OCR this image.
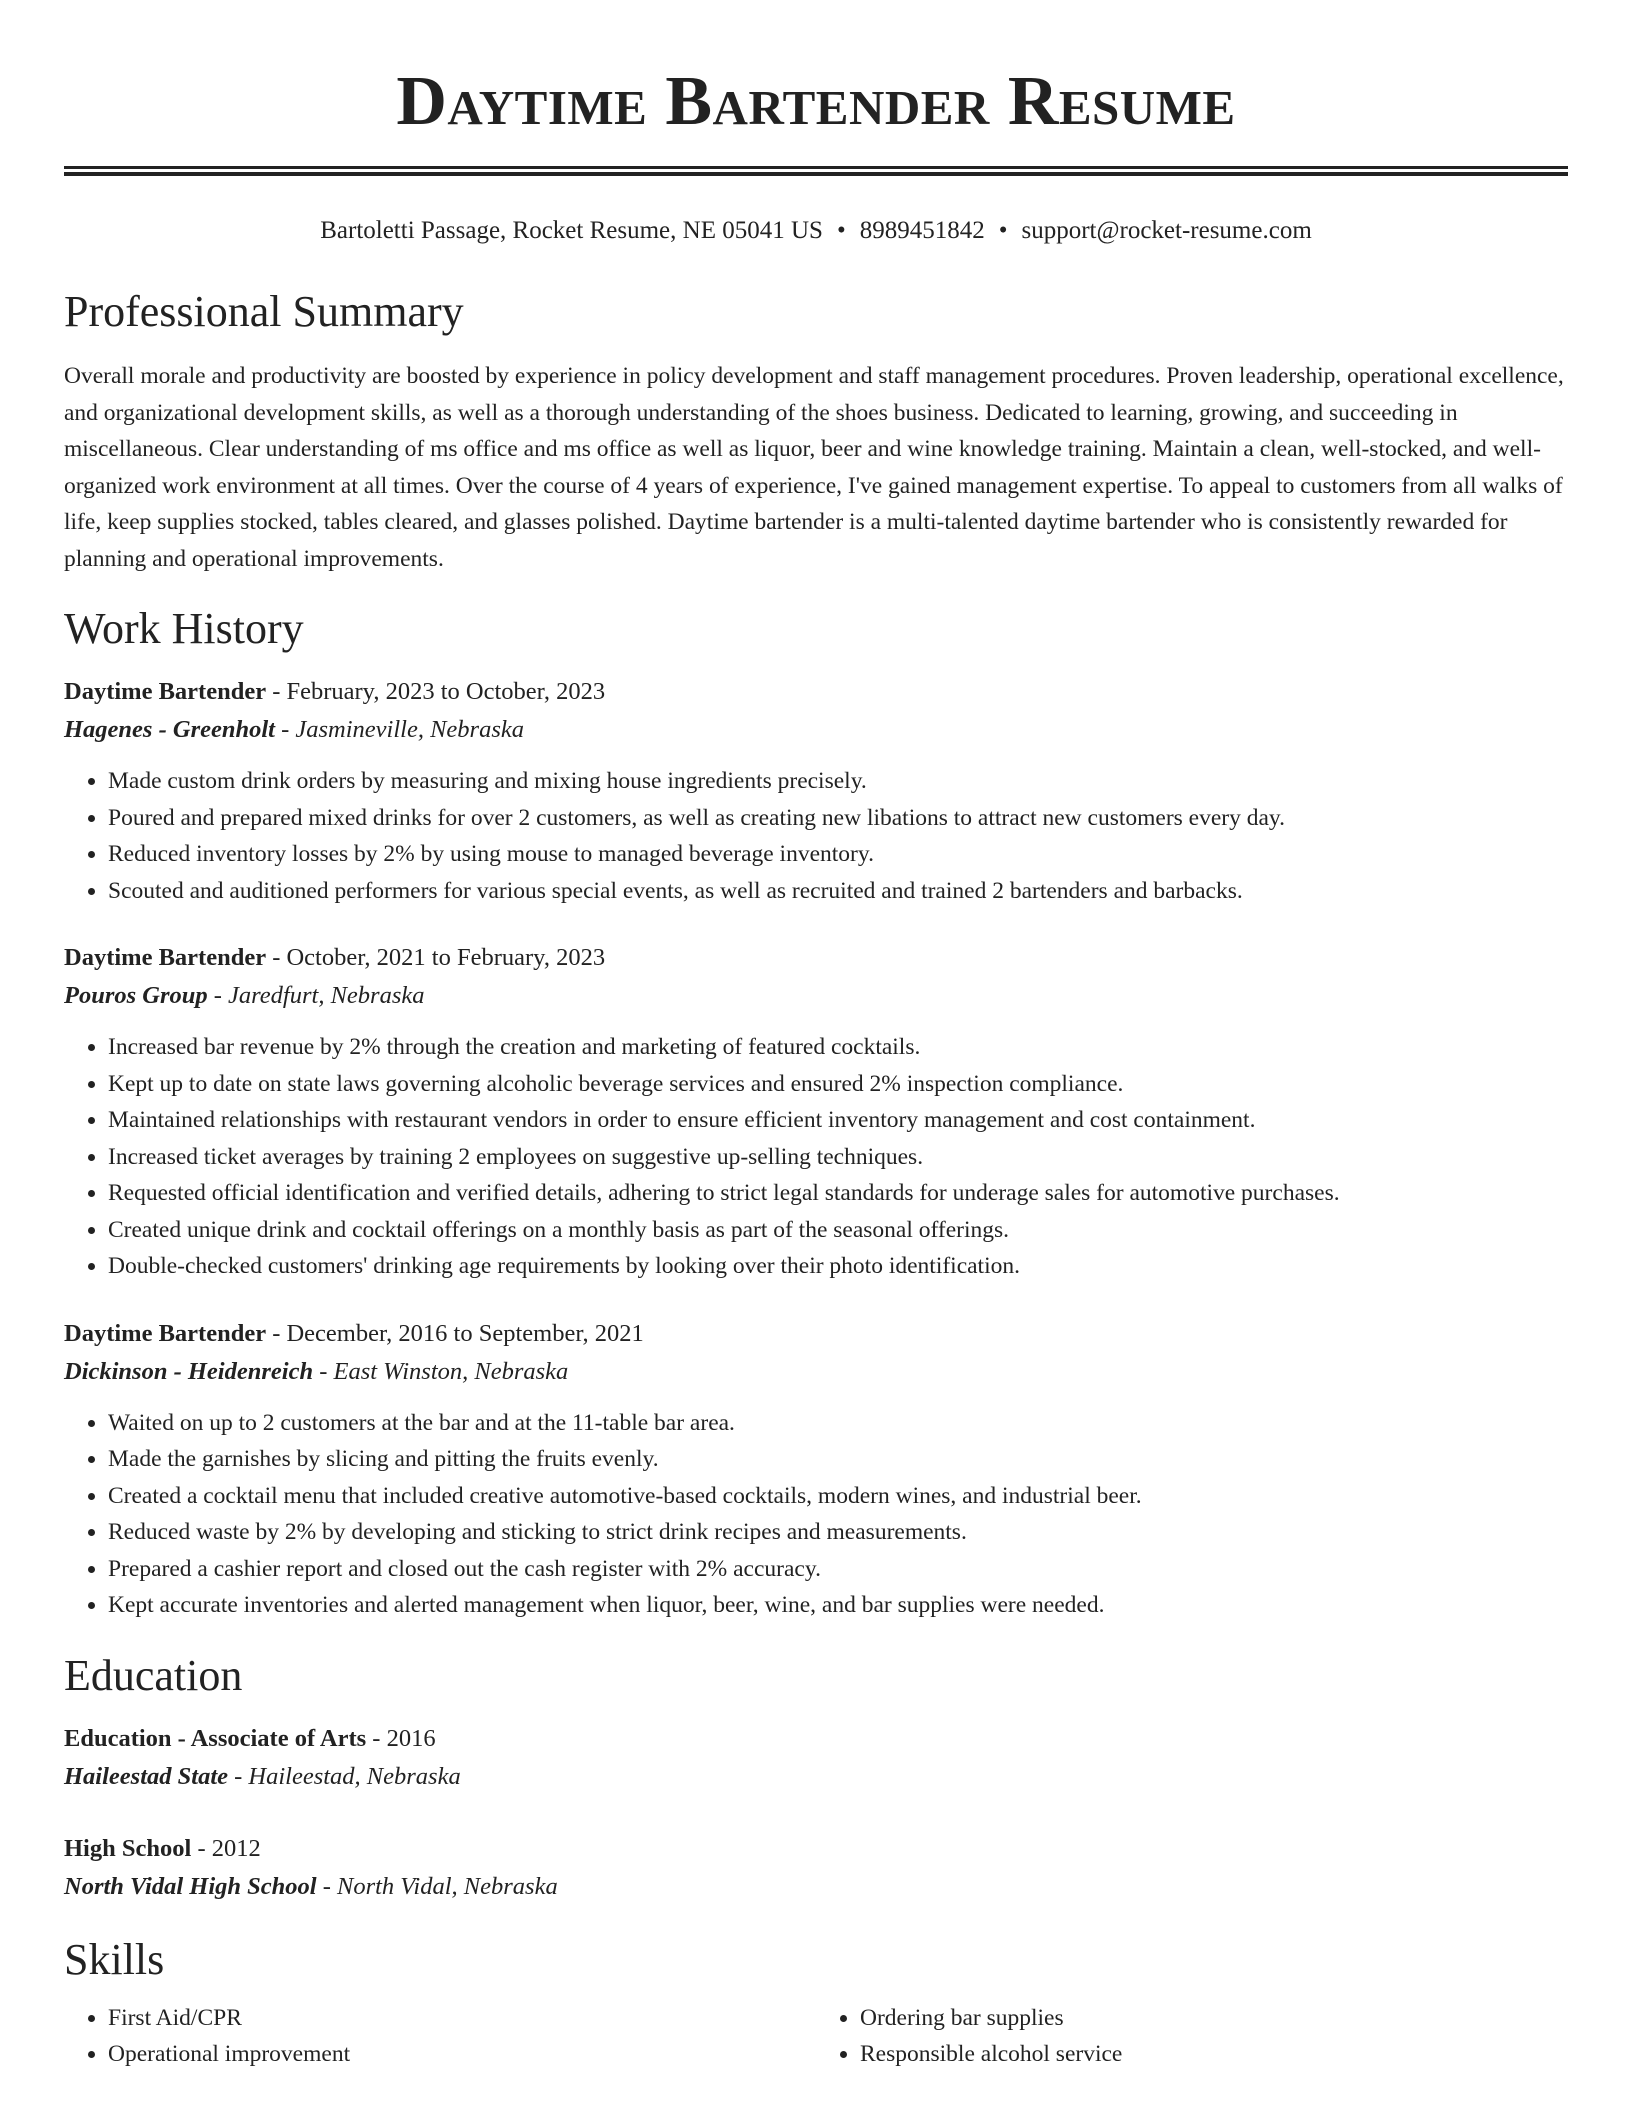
Daytime Bartender Resume
Bartoletti Passage, Rocket Resume, NE 05041 US • 8989451842 • support@rocket-resume.com
Professional Summary

Overall morale and productivity are boosted by experience in policy development and staff management procedures. Proven leadership, operational excellence, and organizational development skills, as well as a thorough understanding of the shoes business. Dedicated to learning, growing, and succeeding in miscellaneous. Clear understanding of ms office and ms office as well as liquor, beer and wine knowledge training. Maintain a clean, well-stocked, and well-organized work environment at all times. Over the course of 4 years of experience, I've gained management expertise. To appeal to customers from all walks of life, keep supplies stocked, tables cleared, and glasses polished. Daytime bartender is a multi-talented daytime bartender who is consistently rewarded for planning and operational improvements.

Work History
Daytime Bartender - February, 2023 to October, 2023
Hagenes - Greenholt - Jasmineville, Nebraska
• Made custom drink orders by measuring and mixing house ingredients precisely.
• Poured and prepared mixed drinks for over 2 customers, as well as creating new libations to attract new customers every day.
• Reduced inventory losses by 2% by using mouse to managed beverage inventory.
• Scouted and auditioned performers for various special events, as well as recruited and trained 2 bartenders and barbacks.
Daytime Bartender - October, 2021 to February, 2023
Pouros Group - Jaredfurt, Nebraska
• Increased bar revenue by 2% through the creation and marketing of featured cocktails.
• Kept up to date on state laws governing alcoholic beverage services and ensured 2% inspection compliance.
• Maintained relationships with restaurant vendors in order to ensure efficient inventory management and cost containment.
• Increased ticket averages by training 2 employees on suggestive up-selling techniques.
• Requested official identification and verified details, adhering to strict legal standards for underage sales for automotive purchases.
• Created unique drink and cocktail offerings on a monthly basis as part of the seasonal offerings.
• Double-checked customers' drinking age requirements by looking over their photo identification.
Daytime Bartender - December, 2016 to September, 2021
Dickinson - Heidenreich - East Winston, Nebraska
• Waited on up to 2 customers at the bar and at the 11-table bar area.
• Made the garnishes by slicing and pitting the fruits evenly.
• Created a cocktail menu that included creative automotive-based cocktails, modern wines, and industrial beer.
• Reduced waste by 2% by developing and sticking to strict drink recipes and measurements.
• Prepared a cashier report and closed out the cash register with 2% accuracy.
• Kept accurate inventories and alerted management when liquor, beer, wine, and bar supplies were needed.
Education
Education - Associate of Arts - 2016
Haileestad State - Haileestad, Nebraska
High School - 2012
North Vidal High School - North Vidal, Nebraska
Skills
• First Aid/CPR
• Operational improvement
• Ordering bar supplies
• Responsible alcohol service
